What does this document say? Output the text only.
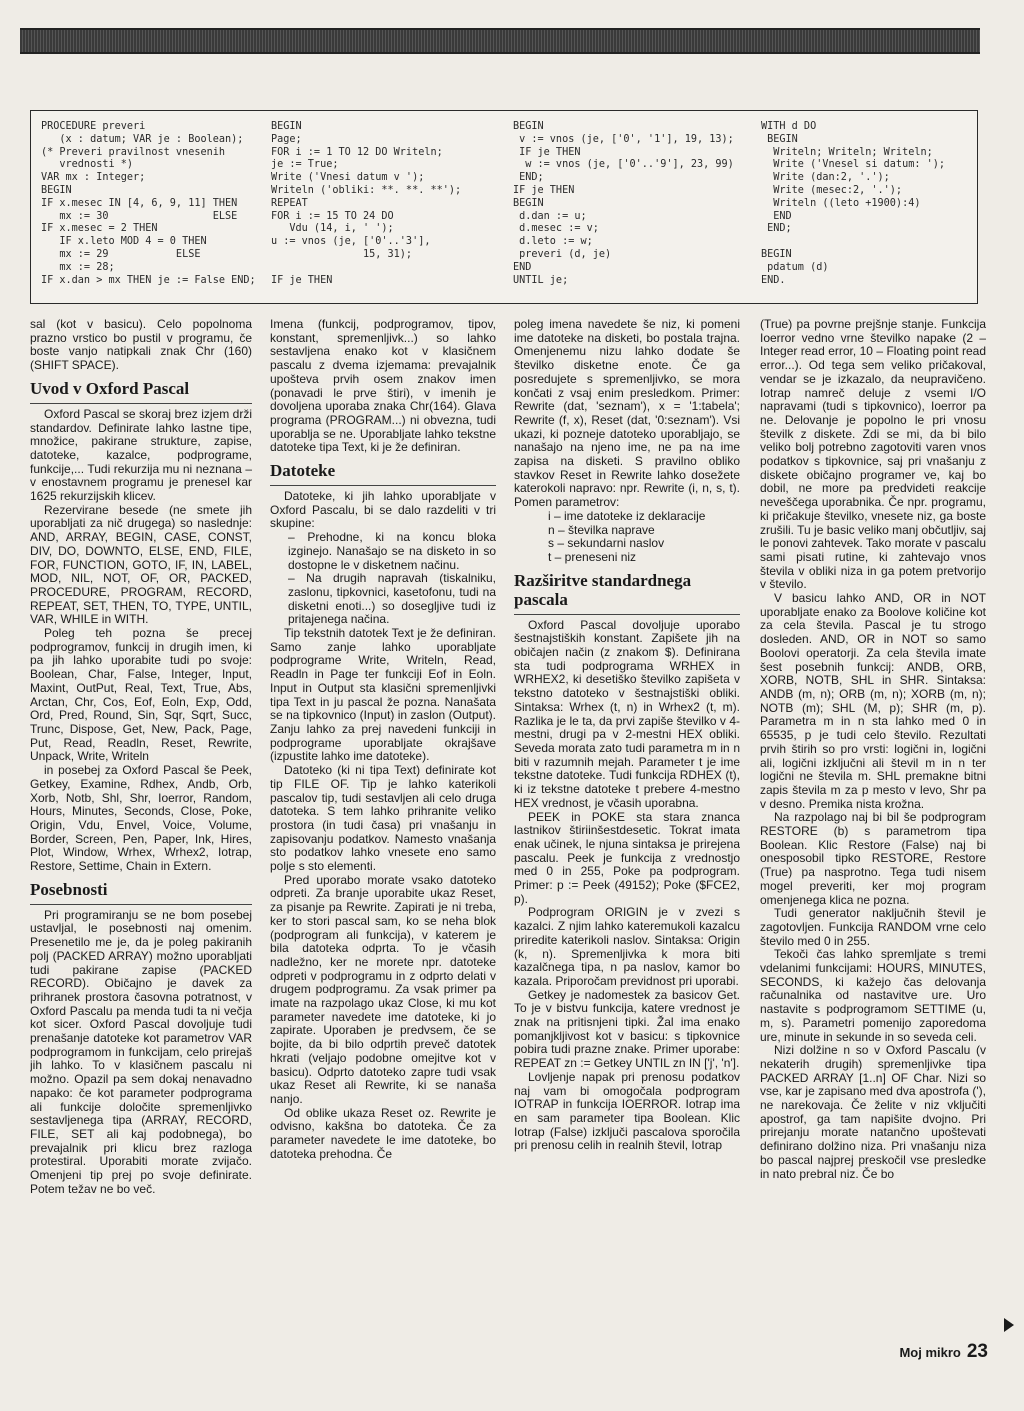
PROCEDURE preveri
(x : datum; VAR je : Boolean);
(* Preveri pravilnost vnesenih
vrednosti *)
VAR mx : Integer;
BEGIN
IF x.mesec IN [4, 6, 9, 11] THEN
mx := 30                 ELSE
IF x.mesec = 2 THEN
IF x.leto MOD 4 = 0 THEN
mx := 29           ELSE
mx := 28;
IF x.dan > mx THEN je := False END;
BEGIN
Page;
FOR i := 1 TO 12 DO Writeln;
je := True;
Write ('Vnesi datum v ');
Writeln ('obliki: **. **. **');
REPEAT
FOR i := 15 TO 24 DO
Vdu (14, i, ' ');
u := vnos (je, ['0'..'3'],
15, 31);

IF je THEN
BEGIN
v := vnos (je, ['0', '1'], 19, 13);
IF je THEN
w := vnos (je, ['0'..'9'], 23, 99)
END;
IF je THEN
BEGIN
d.dan := u;
d.mesec := v;
d.leto := w;
preveri (d, je)
END
UNTIL je;
WITH d DO
BEGIN
Writeln; Writeln; Writeln;
Write ('Vnesel si datum: ');
Write (dan:2, '.');
Write (mesec:2, '.');
Writeln ((leto +1900):4)
END
END;

BEGIN
pdatum (d)
END.

sal (kot v basicu). Celo popolnoma prazno vrstico bo pustil v programu, če boste vanjo natipkali znak Chr (160) (SHIFT SPACE).

Uvod v Oxford Pascal

Oxford Pascal se skoraj brez izjem drži standardov. Definirate lahko lastne tipe, množice, pakirane strukture, zapise, datoteke, kazalce, podprograme, funkcije,... Tudi rekurzija mu ni neznana – v enostavnem programu je prenesel kar 1625 rekurzijskih klicev.

Rezervirane besede (ne smete jih uporabljati za nič drugega) so naslednje: AND, ARRAY, BEGIN, CASE, CONST, DIV, DO, DOWNTO, ELSE, END, FILE, FOR, FUNCTION, GOTO, IF, IN, LABEL, MOD, NIL, NOT, OF, OR, PACKED, PROCEDURE, PROGRAM, RECORD, REPEAT, SET, THEN, TO, TYPE, UNTIL, VAR, WHILE in WITH.

Poleg teh pozna še precej podprogramov, funkcij in drugih imen, ki pa jih lahko uporabite tudi po svoje: Boolean, Char, False, Integer, Input, Maxint, OutPut, Real, Text, True, Abs, Arctan, Chr, Cos, Eof, Eoln, Exp, Odd, Ord, Pred, Round, Sin, Sqr, Sqrt, Succ, Trunc, Dispose, Get, New, Pack, Page, Put, Read, Readln, Reset, Rewrite, Unpack, Write, Writeln

in posebej za Oxford Pascal še Peek, Getkey, Examine, Rdhex, Andb, Orb, Xorb, Notb, Shl, Shr, Ioerror, Random, Hours, Minutes, Seconds, Close, Poke, Origin, Vdu, Envel, Voice, Volume, Border, Screen, Pen, Paper, Ink, Hires, Plot, Window, Wrhex, Wrhex2, Iotrap, Restore, Settime, Chain in Extern.

Posebnosti

Pri programiranju se ne bom posebej ustavljal, le posebnosti naj omenim. Presenetilo me je, da je poleg pakiranih polj (PACKED ARRAY) možno uporabljati tudi pakirane zapise (PACKED RECORD). Običajno je davek za prihranek prostora časovna potratnost, v Oxford Pascalu pa menda tudi ta ni večja kot sicer. Oxford Pascal dovoljuje tudi prenašanje datoteke kot parametrov VAR podprogramom in funkcijam, celo prirejaš jih lahko. To v klasičnem pascalu ni možno. Opazil pa sem dokaj nenavadno napako: če kot parameter podprograma ali funkcije določite spremenljivko sestavljenega tipa (ARRAY, RECORD, FILE, SET ali kaj podobnega), bo prevajalnik pri klicu brez razloga protestiral. Uporabiti morate zvijačo. Omenjeni tip prej po svoje definirate. Potem težav ne bo več.

Imena (funkcij, podprogramov, tipov, konstant, spremenljivk...) so lahko sestavljena enako kot v klasičnem pascalu z dvema izjemama: prevajalnik upošteva prvih osem znakov imen (ponavadi le prve štiri), v imenih je dovoljena uporaba znaka Chr(164). Glava programa (PROGRAM...) ni obvezna, tudi uporablja se ne. Uporabljate lahko tekstne datoteke tipa Text, ki je že definiran.

Datoteke

Datoteke, ki jih lahko uporabljate v Oxford Pascalu, bi se dalo razdeliti v tri skupine:

– Prehodne, ki na koncu bloka izginejo. Nanašajo se na disketo in so dostopne le v disketnem načinu.

– Na drugih napravah (tiskalniku, zaslonu, tipkovnici, kasetofonu, tudi na disketni enoti...) so dosegljive tudi iz pritajenega načina.

Tip tekstnih datotek Text je že definiran. Samo zanje lahko uporabljate podprograme Write, Writeln, Read, Readln in Page ter funkciji Eof in Eoln. Input in Output sta klasični spremenljivki tipa Text in ju pascal že pozna. Nanašata se na tipkovnico (Input) in zaslon (Output). Zanju lahko za prej navedeni funkciji in podprograme uporabljate okrajšave (izpustite lahko ime datoteke).

Datoteko (ki ni tipa Text) definirate kot tip FILE OF. Tip je lahko katerikoli pascalov tip, tudi sestavljen ali celo druga datoteka. S tem lahko prihranite veliko prostora (in tudi časa) pri vnašanju in zapisovanju podatkov. Namesto vnašanja sto podatkov lahko vnesete eno samo polje s sto elementi.

Pred uporabo morate vsako datoteko odpreti. Za branje uporabite ukaz Reset, za pisanje pa Rewrite. Zapirati je ni treba, ker to stori pascal sam, ko se neha blok (podprogram ali funkcija), v katerem je bila datoteka odprta. To je včasih nadležno, ker ne morete npr. datoteke odpreti v podprogramu in z odprto delati v drugem podprogramu. Za vsak primer pa imate na razpolago ukaz Close, ki mu kot parameter navedete ime datoteke, ki jo zapirate. Uporaben je predvsem, če se bojite, da bi bilo odprtih preveč datotek hkrati (veljajo podobne omejitve kot v basicu). Odprto datoteko zapre tudi vsak ukaz Reset ali Rewrite, ki se nanaša nanjo.

Od oblike ukaza Reset oz. Rewrite je odvisno, kakšna bo datoteka. Če za parameter navedete le ime datoteke, bo datoteka prehodna. Če

poleg imena navedete še niz, ki pomeni ime datoteke na disketi, bo postala trajna. Omenjenemu nizu lahko dodate še številko disketne enote. Če ga posredujete s spremenljivko, se mora končati z vsaj enim presledkom. Primer: Rewrite (dat, 'seznam'), x = '1:tabela'; Rewrite (f, x), Reset (dat, '0:seznam'). Vsi ukazi, ki pozneje datoteko uporabljajo, se nanašajo na njeno ime, ne pa na ime zapisa na disketi. S pravilno obliko stavkov Reset in Rewrite lahko dosežete katerokoli napravo: npr. Rewrite (i, n, s, t). Pomen parametrov:

i – ime datoteke iz deklaracije

n – številka naprave

s – sekundarni naslov

t – preneseni niz

Razširitve standardnega pascala

Oxford Pascal dovoljuje uporabo šestnajstiških konstant. Zapišete jih na običajen način (z znakom $). Definirana sta tudi podprograma WRHEX in WRHEX2, ki desetiško številko zapišeta v tekstno datoteko v šestnajstiški obliki. Sintaksa: Wrhex (t, n) in Wrhex2 (t, m). Razlika je le ta, da prvi zapiše številko v 4-mestni, drugi pa v 2-mestni HEX obliki. Seveda morata zato tudi parametra m in n biti v razumnih mejah. Parameter t je ime tekstne datoteke. Tudi funkcija RDHEX (t), ki iz tekstne datoteke t prebere 4-mestno HEX vrednost, je včasih uporabna.

PEEK in POKE sta stara znanca lastnikov štiriinšestdesetic. Tokrat imata enak učinek, le njuna sintaksa je prirejena pascalu. Peek je funkcija z vrednostjo med 0 in 255, Poke pa podprogram. Primer: p := Peek (49152); Poke ($FCE2, p).

Podprogram ORIGIN je v zvezi s kazalci. Z njim lahko kateremukoli kazalcu priredite katerikoli naslov. Sintaksa: Origin (k, n). Spremenljivka k mora biti kazalčnega tipa, n pa naslov, kamor bo kazala. Priporočam previdnost pri uporabi.

Getkey je nadomestek za basicov Get. To je v bistvu funkcija, katere vrednost je znak na pritisnjeni tipki. Žal ima enako pomanjkljivost kot v basicu: s tipkovnice pobira tudi prazne znake. Primer uporabe: REPEAT zn := Getkey UNTIL zn IN ['j', 'n'].

Lovljenje napak pri prenosu podatkov naj vam bi omogočala podprogram IOTRAP in funkcija IOERROR. Iotrap ima en sam parameter tipa Boolean. Klic Iotrap (False) izključi pascalova sporočila pri prenosu celih in realnih števil, Iotrap

(True) pa povrne prejšnje stanje. Funkcija Ioerror vedno vrne številko napake (2 – Integer read error, 10 – Floating point read error...). Od tega sem veliko pričakoval, vendar se je izkazalo, da neupravičeno. Iotrap namreč deluje z vsemi I/O napravami (tudi s tipkovnico), Ioerror pa ne. Delovanje je popolno le pri vnosu številk z diskete. Zdi se mi, da bi bilo veliko bolj potrebno zagotoviti varen vnos podatkov s tipkovnice, saj pri vnašanju z diskete običajno programer ve, kaj bo dobil, ne more pa predvideti reakcije neveščega uporabnika. Če npr. programu, ki pričakuje številko, vnesete niz, ga boste zrušili. Tu je basic veliko manj občutljiv, saj le ponovi zahtevek. Tako morate v pascalu sami pisati rutine, ki zahtevajo vnos števila v obliki niza in ga potem pretvorijo v število.

V basicu lahko AND, OR in NOT uporabljate enako za Boolove količine kot za cela števila. Pascal je tu strogo dosleden. AND, OR in NOT so samo Boolovi operatorji. Za cela števila imate šest posebnih funkcij: ANDB, ORB, XORB, NOTB, SHL in SHR. Sintaksa: ANDB (m, n); ORB (m, n); XORB (m, n); NOTB (m); SHL (M, p); SHR (m, p). Parametra m in n sta lahko med 0 in 65535, p je tudi celo število. Rezultati prvih štirih so pro vrsti: logični in, logični ali, logični izključni ali števil m in n ter logični ne števila m. SHL premakne bitni zapis števila m za p mesto v levo, Shr pa v desno. Premika nista krožna.

Na razpolago naj bi bil še podprogram RESTORE (b) s parametrom tipa Boolean. Klic Restore (False) naj bi onesposobil tipko RESTORE, Restore (True) pa nasprotno. Tega tudi nisem mogel preveriti, ker moj program omenjenega klica ne pozna.

Tudi generator naključnih števil je zagotovljen. Funkcija RANDOM vrne celo število med 0 in 255.

Tekoči čas lahko spremljate s tremi vdelanimi funkcijami: HOURS, MINUTES, SECONDS, ki kažejo čas delovanja računalnika od nastavitve ure. Uro nastavite s podprogramom SETTIME (u, m, s). Parametri pomenijo zaporedoma ure, minute in sekunde in so seveda celi.

Nizi dolžine n so v Oxford Pascalu (v nekaterih drugih) spremenljivke tipa PACKED ARRAY [1..n] OF Char. Nizi so vse, kar je zapisano med dva apostrofa ('), ne narekovaja. Če želite v niz vključiti apostrof, ga tam napišite dvojno. Pri prirejanju morate natančno upoštevati definirano dolžino niza. Pri vnašanju niza bo pascal najprej preskočil vse presledke in nato prebral niz. Če bo

Moj mikro 23
